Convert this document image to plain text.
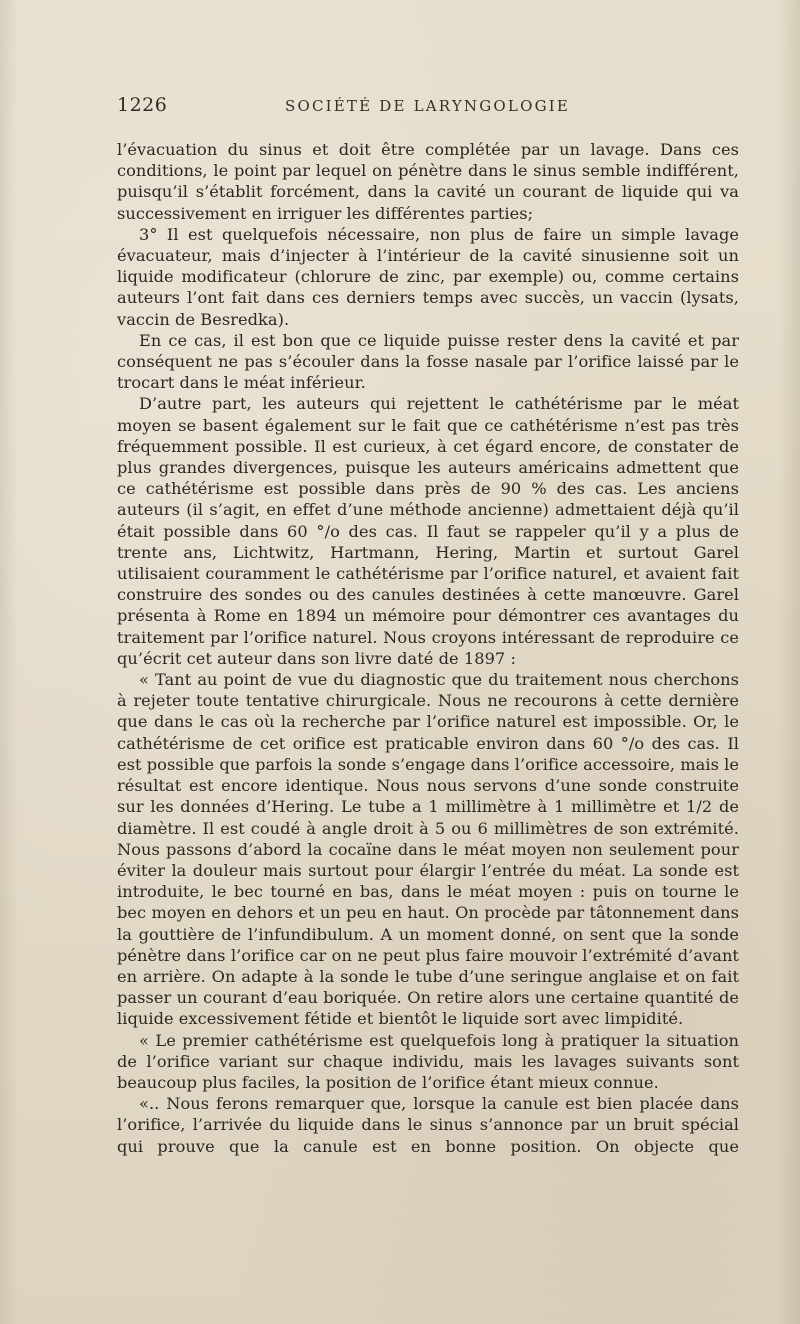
1226	SOCIÉTÉ DE LARYNGOLOGIE

l’évacuation du sinus et doit être complétée par un lavage. Dans ces conditions, le point par lequel on pénètre dans le sinus semble indifférent, puisqu’il s’établit forcément, dans la cavité un courant de liquide qui va successivement en irriguer les différentes parties;

3° Il est quelquefois nécessaire, non plus de faire un simple lavage évacuateur, mais d’injecter à l’intérieur de la cavité sinusienne soit un liquide modificateur (chlorure de zinc, par exemple) ou, comme certains auteurs l’ont fait dans ces derniers temps avec succès, un vaccin (lysats, vaccin de Besredka).

En ce cas, il est bon que ce liquide puisse rester dens la cavité et par conséquent ne pas s’écouler dans la fosse nasale par l’orifice laissé par le trocart dans le méat inférieur.

D’autre part, les auteurs qui rejettent le cathétérisme par le méat moyen se basent également sur le fait que ce cathétérisme n’est pas très fréquemment possible. Il est curieux, à cet égard encore, de constater de plus grandes divergences, puisque les auteurs américains admettent que ce cathétérisme est possible dans près de 90 % des cas. Les anciens auteurs (il s’agit, en effet d’une méthode ancienne) admettaient déjà qu’il était possible dans 60 °/o des cas. Il faut se rappeler qu’il y a plus de trente ans, Lichtwitz, Hartmann, Hering, Martin et surtout Garel utilisaient couramment le cathétérisme par l’orifice naturel, et avaient fait construire des sondes ou des canules destinées à cette manœuvre. Garel présenta à Rome en 1894 un mémoire pour démontrer ces avantages du traitement par l’orifice naturel. Nous croyons intéressant de reproduire ce qu’écrit cet auteur dans son livre daté de 1897 :

« Tant au point de vue du diagnostic que du traitement nous cherchons à rejeter toute tentative chirurgicale. Nous ne recourons à cette dernière que dans le cas où la recherche par l’orifice naturel est impossible. Or, le cathétérisme de cet orifice est praticable environ dans 60 °/o des cas. Il est possible que parfois la sonde s’engage dans l’orifice accessoire, mais le résultat est encore identique. Nous nous servons d’une sonde construite sur les données d’Hering. Le tube a 1 millimètre à 1 millimètre et 1/2 de diamètre. Il est coudé à angle droit à 5 ou 6 millimètres de son extrémité. Nous passons d’abord la cocaïne dans le méat moyen non seulement pour éviter la douleur mais surtout pour élargir l’entrée du méat. La sonde est introduite, le bec tourné en bas, dans le méat moyen : puis on tourne le bec moyen en dehors et un peu en haut. On procède par tâtonnement dans la gouttière de l’infundibulum. A un moment donné, on sent que la sonde pénètre dans l’orifice car on ne peut plus faire mouvoir l’extrémité d’avant en arrière. On adapte à la sonde le tube d’une seringue anglaise et on fait passer un courant d’eau boriquée. On retire alors une certaine quantité de liquide excessivement fétide et bientôt le liquide sort avec limpidité.

« Le premier cathétérisme est quelquefois long à pratiquer la situation de l’orifice variant sur chaque individu, mais les lavages suivants sont beaucoup plus faciles, la position de l’orifice étant mieux connue.

«.. Nous ferons remarquer que, lorsque la canule est bien placée dans l’orifice, l’arrivée du liquide dans le sinus s’annonce par un bruit spécial qui prouve que la canule est en bonne position. On objecte que
